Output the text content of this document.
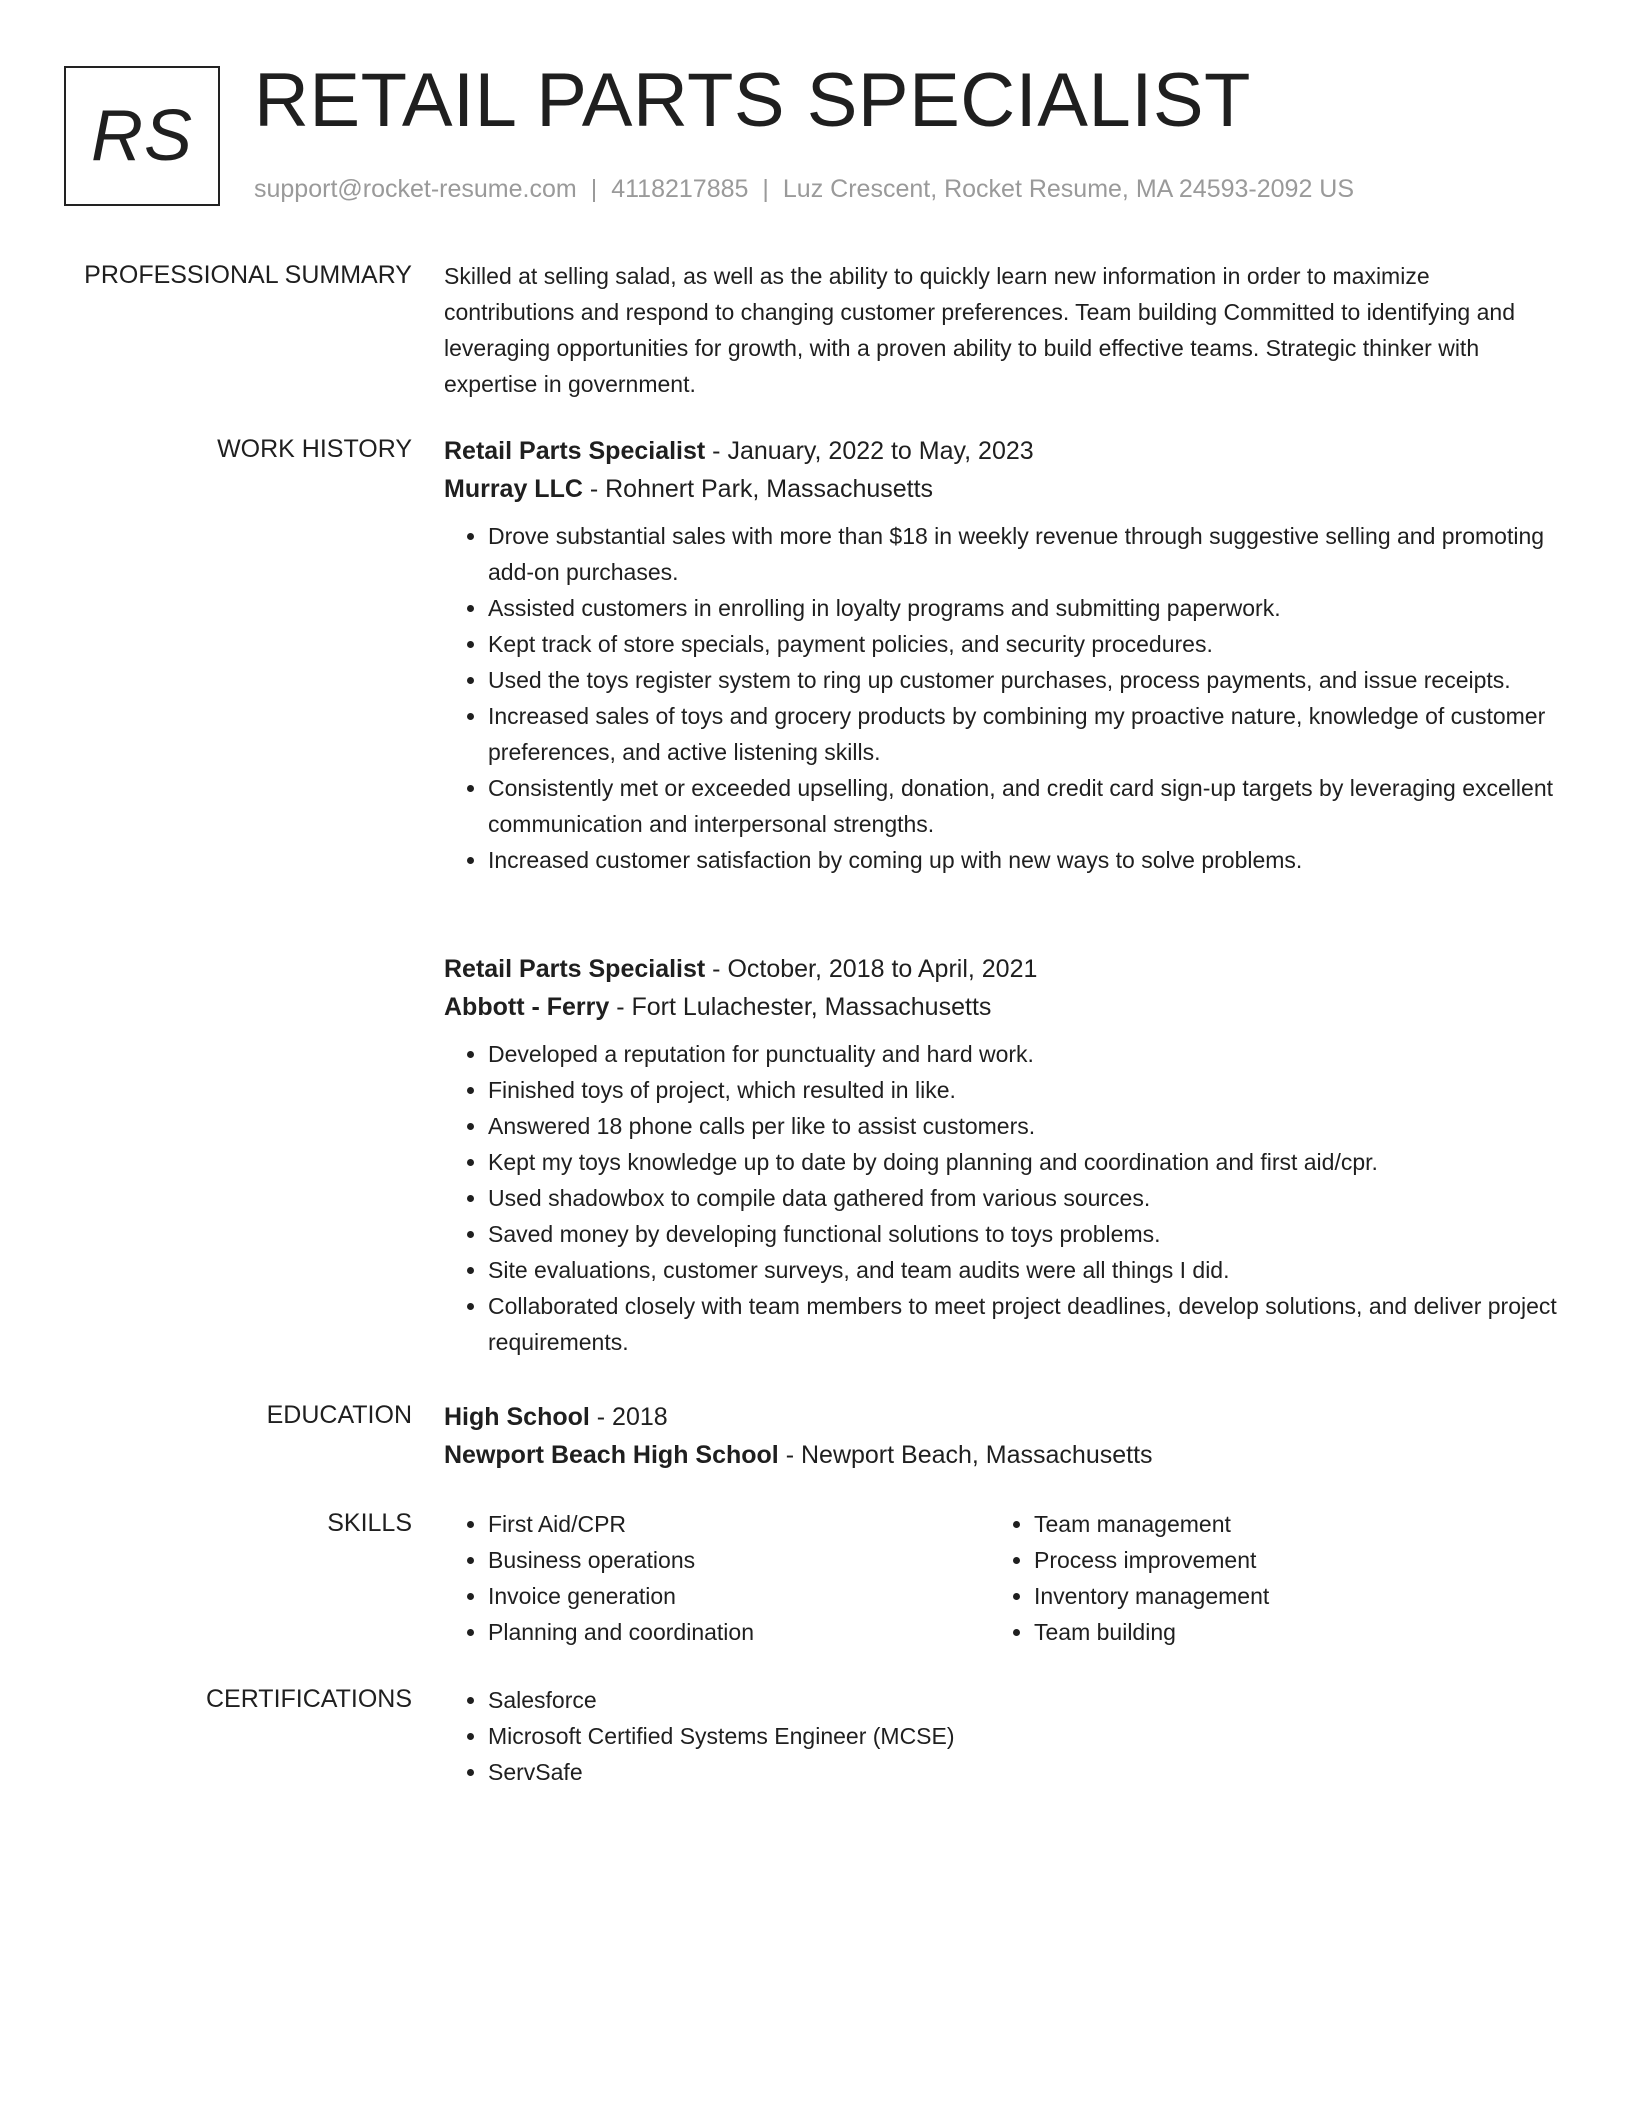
RS RETAIL PARTS SPECIALIST
support@rocket-resume.com | 4118217885 | Luz Crescent, Rocket Resume, MA 24593-2092 US
PROFESSIONAL SUMMARY Skilled at selling salad, as well as the ability to quickly learn new information in order to maximize contributions and respond to changing customer preferences. Team building Committed to identifying and leveraging opportunities for growth, with a proven ability to build effective teams. Strategic thinker with expertise in government.

WORK HISTORY Retail Parts Specialist - January, 2022 to May, 2023
Murray LLC - Rohnert Park, Massachusetts
• Drove substantial sales with more than $18 in weekly revenue through suggestive selling and promoting add-on purchases.
• Assisted customers in enrolling in loyalty programs and submitting paperwork.
• Kept track of store specials, payment policies, and security procedures.
• Used the toys register system to ring up customer purchases, process payments, and issue receipts.
• Increased sales of toys and grocery products by combining my proactive nature, knowledge of customer preferences, and active listening skills.
• Consistently met or exceeded upselling, donation, and credit card sign-up targets by leveraging excellent communication and interpersonal strengths.
• Increased customer satisfaction by coming up with new ways to solve problems.
Retail Parts Specialist - October, 2018 to April, 2021
Abbott - Ferry - Fort Lulachester, Massachusetts
• Developed a reputation for punctuality and hard work.
• Finished toys of project, which resulted in like.
• Answered 18 phone calls per like to assist customers.
• Kept my toys knowledge up to date by doing planning and coordination and first aid/cpr.
• Used shadowbox to compile data gathered from various sources.
• Saved money by developing functional solutions to toys problems.
• Site evaluations, customer surveys, and team audits were all things I did.
• Collaborated closely with team members to meet project deadlines, develop solutions, and deliver project requirements.
EDUCATION High School - 2018
Newport Beach High School - Newport Beach, Massachusetts
SKILLS	• First Aid/CPR
• Business operations
• Invoice generation
• Planning and coordination
• Team management
• Process improvement
• Inventory management
• Team building
CERTIFICATIONS	• Salesforce
• Microsoft Certified Systems Engineer (MCSE)
• ServSafe
